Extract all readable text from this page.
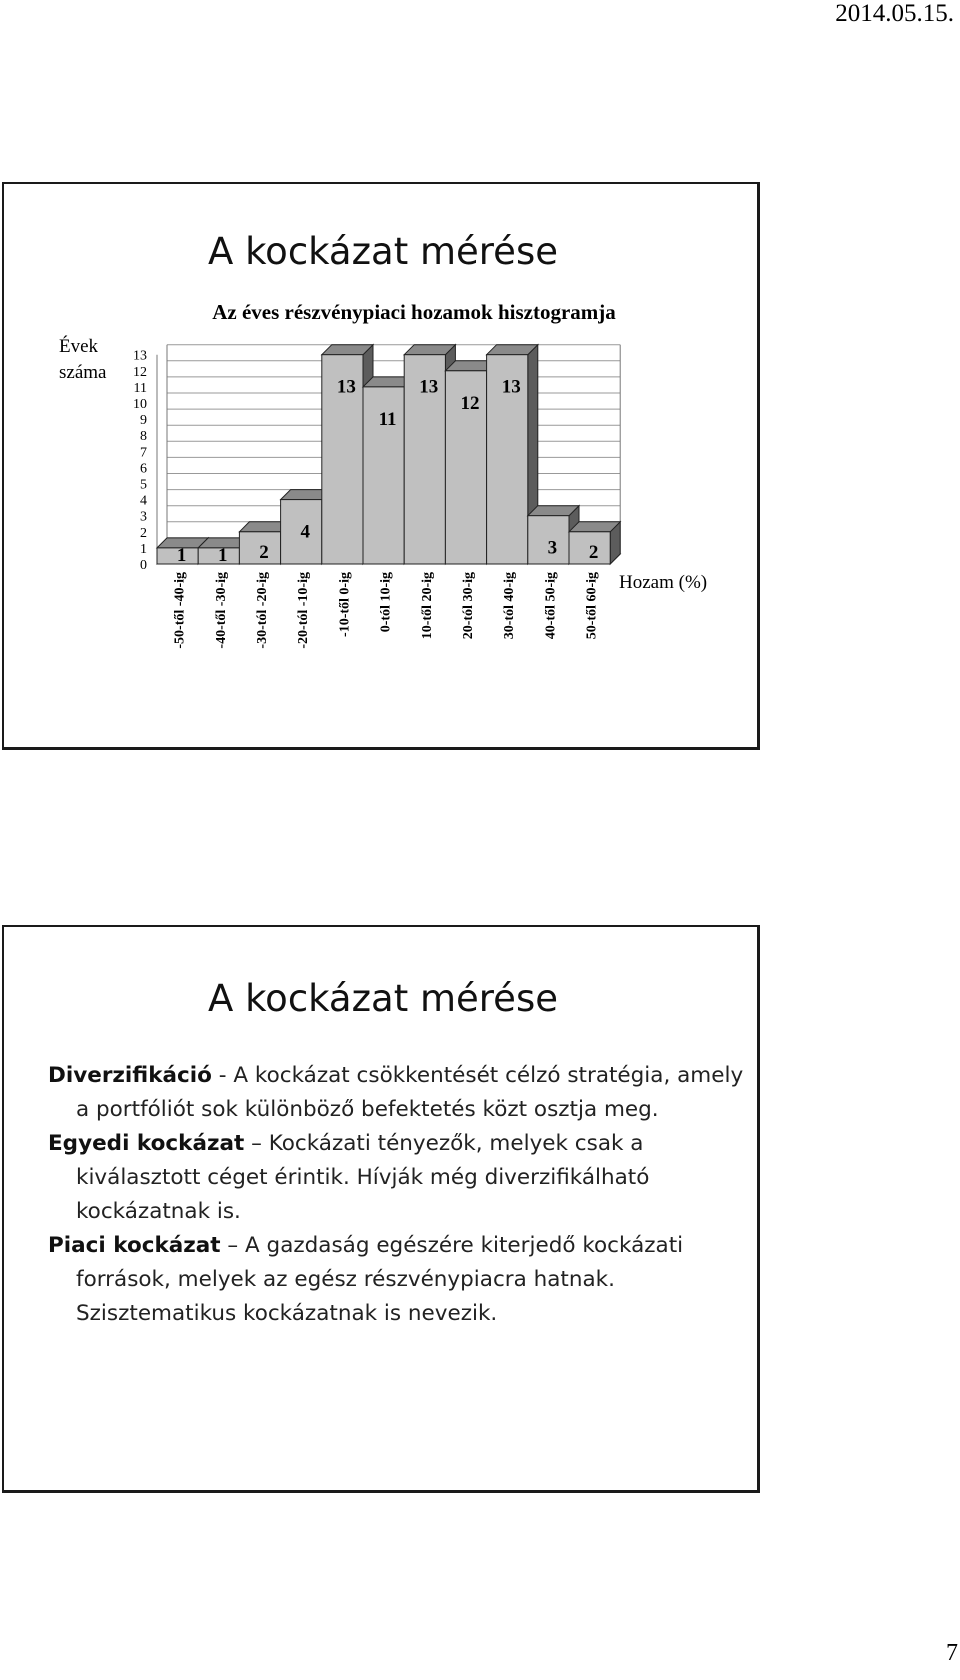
2014.05.15.
A kockázat mérése
Az éves részvénypiaci hozamok hisztogramja
Évek
száma
Hozam (%)
0
1
2
3
4
5
6
7
8
9
10
11
12
13
1
-50-től -40-ig
1
-40-től -30-ig
2
-30-tól -20-ig
4
-20-tól -10-ig
13
-10-től 0-ig
11
0-tól 10-ig
13
10-től 20-ig
12
20-tól 30-ig
13
30-tól 40-ig
3
40-től 50-ig
2
50-től 60-ig
A kockázat mérése
Diverzifikáció - A kockázat csökkentését célzó stratégia, amely a portfóliót sok különböző befektetés közt osztja meg.
Egyedi kockázat – Kockázati tényezők, melyek csak a kiválasztott céget érintik. Hívják még diverzifikálható kockázatnak is.
Piaci kockázat – A gazdaság egészére kiterjedő kockázati források, melyek az egész részvénypiacra hatnak. Szisztematikus kockázatnak is nevezik.
7
